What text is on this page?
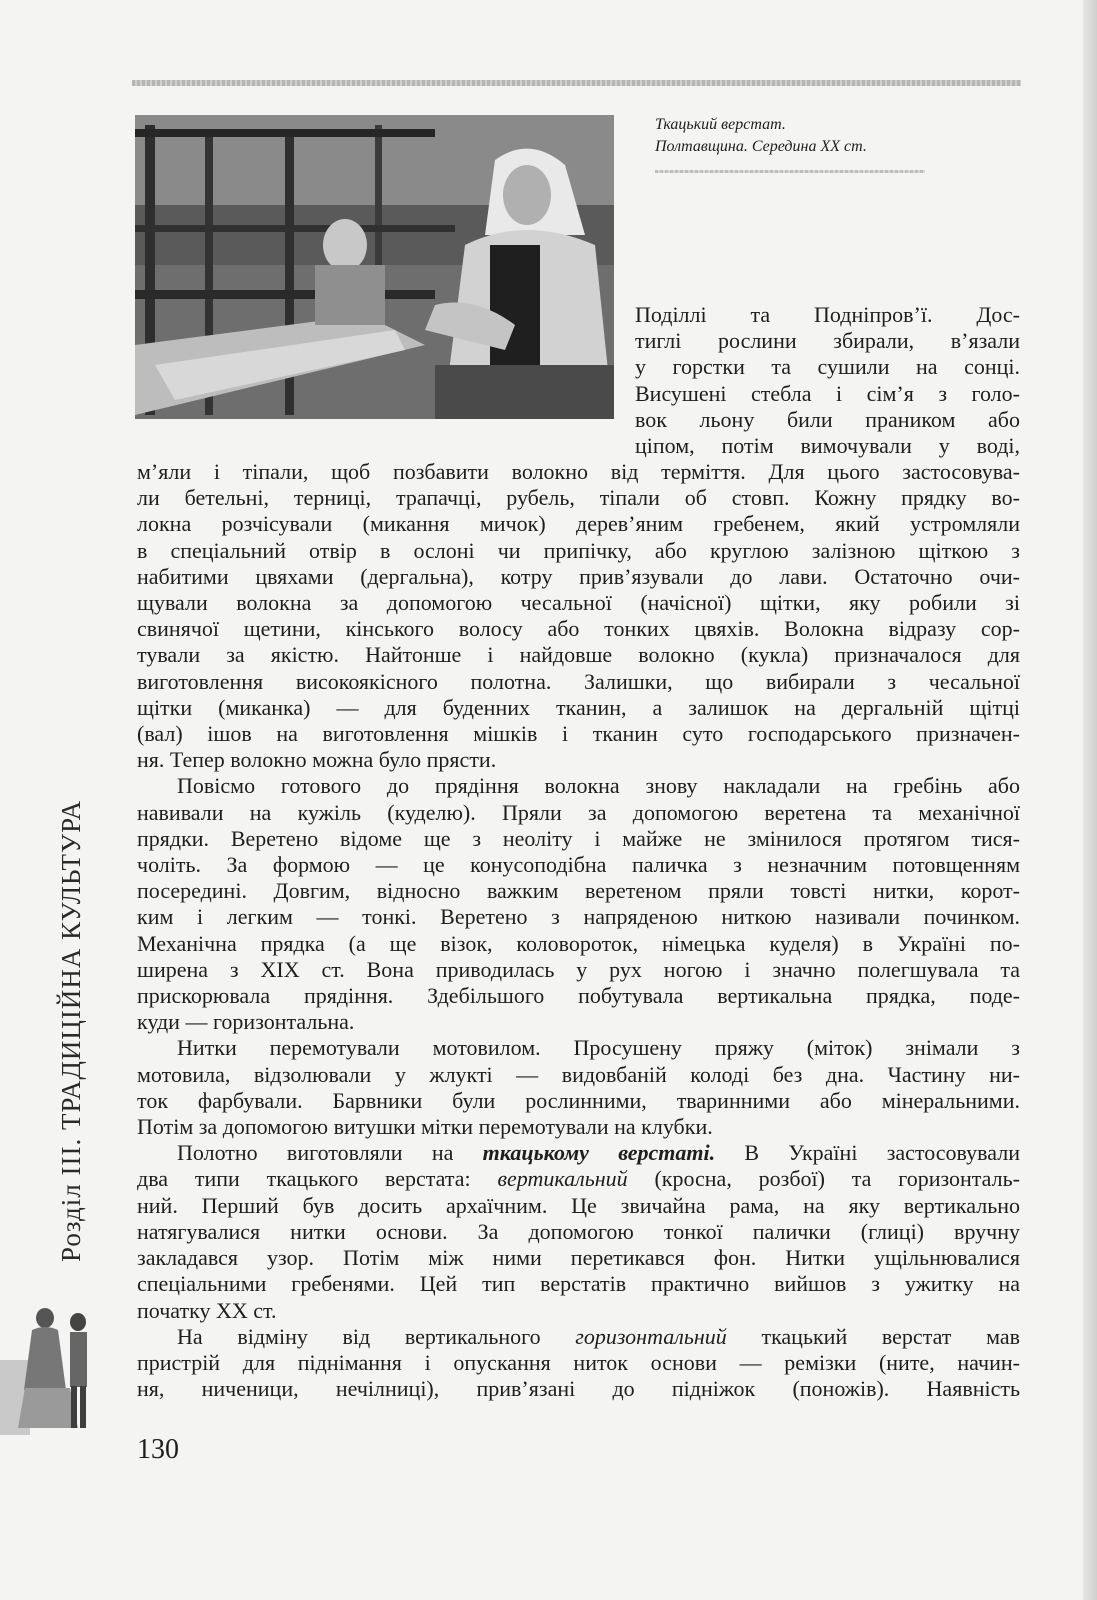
Ткацький верстат.
Полтавщина. Середина XX ст.
Поділлі та Подніпров’ї. Дос-
тиглі рослини збирали, в’язали
у горстки та сушили на сонці.
Висушені стебла і сім’я з голо-
вок льону били праником або
ціпом, потім вимочували у воді,
м’яли і тіпали, щоб позбавити волокно від терміття. Для цього застосовува-
ли бетельні, терниці, трапачці, рубель, тіпали об стовп. Кожну прядку во-
локна розчісували (микання мичок) дерев’яним гребенем, який устромляли
в спеціальний отвір в ослоні чи припічку, або круглою залізною щіткою з
набитими цвяхами (дергальна), котру прив’язували до лави. Остаточно очи-
щували волокна за допомогою чесальної (начісної) щітки, яку робили зі
свинячої щетини, кінського волосу або тонких цвяхів. Волокна відразу сор-
тували за якістю. Найтонше і найдовше волокно (кукла) призначалося для
виготовлення високоякісного полотна. Залишки, що вибирали з чесальної
щітки (миканка) — для буденних тканин, а залишок на дергальній щітці
(вал) ішов на виготовлення мішків і тканин суто господарського призначен-
ня. Тепер волокно можна було прясти.
Повісмо готового до прядіння волокна знову накладали на гребінь або
навивали на кужіль (куделю). Пряли за допомогою веретена та механічної
прядки. Веретено відоме ще з неоліту і майже не змінилося протягом тися-
чоліть. За формою — це конусоподібна паличка з незначним потовщенням
посередині. Довгим, відносно важким веретеном пряли товсті нитки, корот-
ким і легким — тонкі. Веретено з напряденою ниткою називали починком.
Механічна прядка (а ще візок, коловороток, німецька куделя) в Україні по-
ширена з XIX ст. Вона приводилась у рух ногою і значно полегшувала та
прискорювала прядіння. Здебільшого побутувала вертикальна прядка, поде-
куди — горизонтальна.
Нитки перемотували мотовилом. Просушену пряжу (міток) знімали з
мотовила, відзолювали у жлукті — видовбаній колоді без дна. Частину ни-
ток фарбували. Барвники були рослинними, тваринними або мінеральними.
Потім за допомогою витушки мітки перемотували на клубки.
Полотно виготовляли на ткацькому верстаті. В Україні застосовували
два типи ткацького верстата: вертикальний (кросна, розбої) та горизонталь-
ний. Перший був досить архаїчним. Це звичайна рама, на яку вертикально
натягувалися нитки основи. За допомогою тонкої палички (глиці) вручну
закладався узор. Потім між ними перетикався фон. Нитки ущільнювалися
спеціальними гребенями. Цей тип верстатів практично вийшов з ужитку на
початку XX ст.
На відміну від вертикального горизонтальний ткацький верстат мав
пристрій для піднімання і опускання ниток основи — ремізки (ните, начин-
ня, ниченици, нечілниці), прив’язані до підніжок (поножів). Наявність
Розділ III. ТРАДИЦІЙНА КУЛЬТУРА
130
